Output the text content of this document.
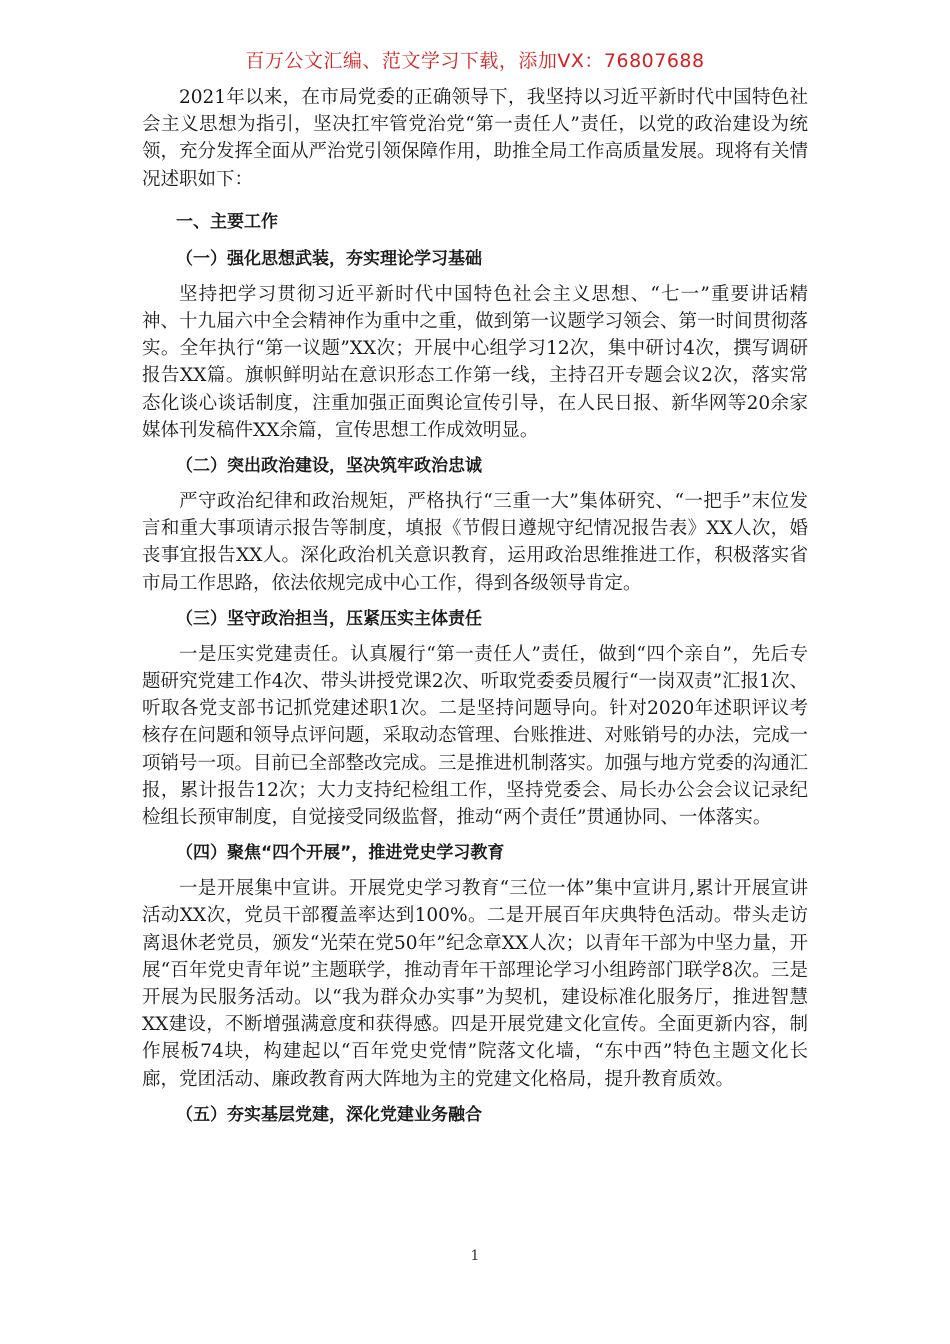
百万公文汇编、范文学习下载，添加VX：76807688

2021年以来，在市局党委的正确领导下，我坚持以习近平新时代中国特色社会主义思想为指引，坚决扛牢管党治党“第一责任人”责任，以党的政治建设为统领，充分发挥全面从严治党引领保障作用，助推全局工作高质量发展。现将有关情况述职如下：

一、主要工作
（一）强化思想武装，夯实理论学习基础

坚持把学习贯彻习近平新时代中国特色社会主义思想、“七一”重要讲话精神、十九届六中全会精神作为重中之重，做到第一议题学习领会、第一时间贯彻落实。全年执行“第一议题”XX次；开展中心组学习12次，集中研讨4次，撰写调研报告XX篇。旗帜鲜明站在意识形态工作第一线，主持召开专题会议2次，落实常态化谈心谈话制度，注重加强正面舆论宣传引导，在人民日报、新华网等20余家媒体刊发稿件XX余篇，宣传思想工作成效明显。

（二）突出政治建设，坚决筑牢政治忠诚

严守政治纪律和政治规矩，严格执行“三重一大”集体研究、“一把手”末位发言和重大事项请示报告等制度，填报《节假日遵规守纪情况报告表》XX人次，婚丧事宜报告XX人。深化政治机关意识教育，运用政治思维推进工作，积极落实省市局工作思路，依法依规完成中心工作，得到各级领导肯定。

（三）坚守政治担当，压紧压实主体责任

一是压实党建责任。认真履行“第一责任人”责任，做到“四个亲自”，先后专题研究党建工作4次、带头讲授党课2次、听取党委委员履行“一岗双责”汇报1次、听取各党支部书记抓党建述职1次。二是坚持问题导向。针对2020年述职评议考核存在问题和领导点评问题，采取动态管理、台账推进、对账销号的办法，完成一项销号一项。目前已全部整改完成。三是推进机制落实。加强与地方党委的沟通汇报，累计报告12次；大力支持纪检组工作，坚持党委会、局长办公会会议记录纪检组长预审制度，自觉接受同级监督，推动“两个责任”贯通协同、一体落实。

（四）聚焦“四个开展”，推进党史学习教育

一是开展集中宣讲。开展党史学习教育“三位一体”集中宣讲月,累计开展宣讲活动XX次，党员干部覆盖率达到100%。二是开展百年庆典特色活动。带头走访离退休老党员，颁发“光荣在党50年”纪念章XX人次；以青年干部为中坚力量，开展“百年党史青年说”主题联学，推动青年干部理论学习小组跨部门联学8次。三是开展为民服务活动。以“我为群众办实事”为契机，建设标准化服务厅，推进智慧XX建设，不断增强满意度和获得感。四是开展党建文化宣传。全面更新内容，制作展板74块，构建起以“百年党史党情”院落文化墙，“东中西”特色主题文化长廊，党团活动、廉政教育两大阵地为主的党建文化格局，提升教育质效。

（五）夯实基层党建，深化党建业务融合
1
